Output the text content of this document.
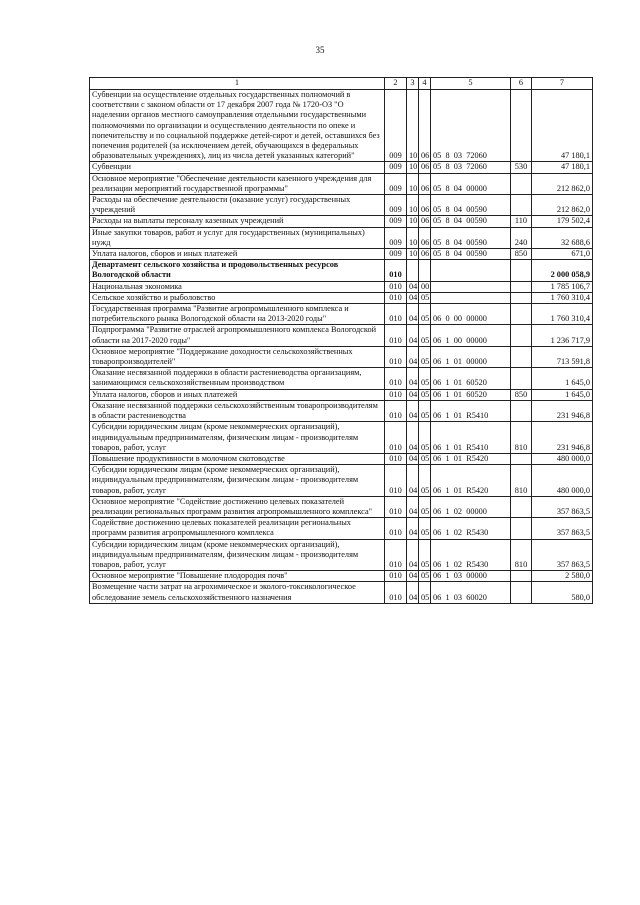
35
1	2	3	4	5	6	7
Субвенции на осуществление отдельных государственных полномочий в соответствии с законом области от 17 декабря 2007 года № 1720-ОЗ "О наделении органов местного самоуправления отдельными государственными полномочиями по организации и осуществлению деятельности по опеке и попечительству и по социальной поддержке детей-сирот и детей, оставшихся без попечения родителей (за исключением детей, обучающихся в федеральных образовательных учреждениях), лиц из числа детей указанных категорий"	009	10	06	05  8  03  72060		47 180,1
Субвенции	009	10	06	05  8  03  72060	530	47 180,1
Основное мероприятие "Обеспечение деятельности казенного учреждения для реализации мероприятий государственной программы"	009	10	06	05  8  04  00000		212 862,0
Расходы на обеспечение деятельности (оказание услуг) государственных учреждений	009	10	06	05  8  04  00590		212 862,0
Расходы на выплаты персоналу казенных учреждений	009	10	06	05  8  04  00590	110	179 502,4
Иные закупки товаров, работ и услуг для государственных (муниципальных) нужд	009	10	06	05  8  04  00590	240	32 688,6
Уплата налогов, сборов и иных платежей	009	10	06	05  8  04  00590	850	671,0
Департамент сельского хозяйства и продовольственных ресурсов Вологодской области	010					2 000 058,9
Национальная экономика	010	04	00			1 785 106,7
Сельское хозяйство и рыболовство	010	04	05			1 760 310,4
Государственная программа "Развитие агропромышленного комплекса и потребительского рынка Вологодской области на 2013-2020 годы"	010	04	05	06  0  00  00000		1 760 310,4
Подпрограмма "Развитие отраслей агропромышленного комплекса Вологодской области на 2017-2020 годы"	010	04	05	06  1  00  00000		1 236 717,9
Основное мероприятие "Поддержание доходности сельскохозяйственных товаропроизводителей"	010	04	05	06  1  01  00000		713 591,8
Оказание несвязанной поддержки в области растениеводства организациям, занимающимся сельскохозяйственным производством	010	04	05	06  1  01  60520		1 645,0
Уплата налогов, сборов и иных платежей	010	04	05	06  1  01  60520	850	1 645,0
Оказание несвязанной поддержки сельскохозяйственным товаропроизводителям в области растениеводства	010	04	05	06  1  01  R5410		231 946,8
Субсидии юридическим лицам (кроме некоммерческих организаций), индивидуальным предпринимателям, физическим лицам - производителям товаров, работ, услуг	010	04	05	06  1  01  R5410	810	231 946,8
Повышение продуктивности в молочном скотоводстве	010	04	05	06  1  01  R5420		480 000,0
Субсидии юридическим лицам (кроме некоммерческих организаций), индивидуальным предпринимателям, физическим лицам - производителям товаров, работ, услуг	010	04	05	06  1  01  R5420	810	480 000,0
Основное мероприятие "Содействие достижению целевых показателей реализации региональных программ развития агропромышленного комплекса"	010	04	05	06  1  02  00000		357 863,5
Содействие достижению целевых показателей реализации региональных программ развития агропромышленного комплекса	010	04	05	06  1  02  R5430		357 863,5
Субсидии юридическим лицам (кроме некоммерческих организаций), индивидуальным предпринимателям, физическим лицам - производителям товаров, работ, услуг	010	04	05	06  1  02  R5430	810	357 863,5
Основное мероприятие "Повышение плодородия почв"	010	04	05	06  1  03  00000		2 580,0
Возмещение части затрат на агрохимическое и эколого-токсикологическое обследование земель сельскохозяйственного назначения	010	04	05	06  1  03  60020		580,0
